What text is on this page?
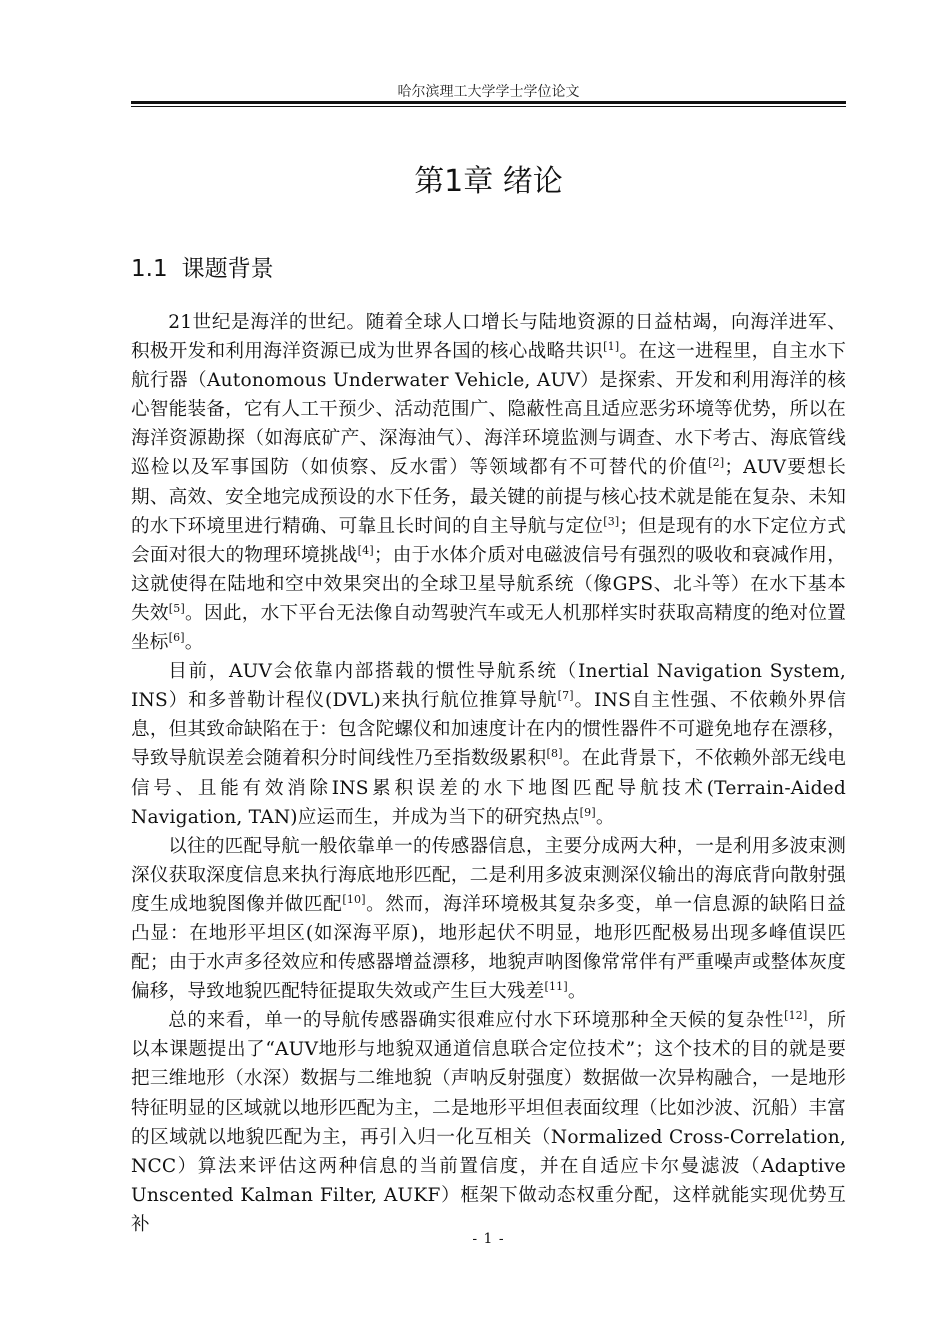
哈尔滨理工大学学士学位论文
第1章 绪论
1.1 课题背景

21世纪是海洋的世纪。随着全球人口增长与陆地资源的日益枯竭，向海洋进军、积极开发和利用海洋资源已成为世界各国的核心战略共识[1]。在这一进程里，自主水下航行器（Autonomous Underwater Vehicle, AUV）是探索、开发和利用海洋的核心智能装备，它有人工干预少、活动范围广、隐蔽性高且适应恶劣环境等优势，所以在海洋资源勘探（如海底矿产、深海油气）、海洋环境监测与调查、水下考古、海底管线巡检以及军事国防（如侦察、反水雷）等领域都有不可替代的价值[2]；AUV要想长期、高效、安全地完成预设的水下任务，最关键的前提与核心技术就是能在复杂、未知的水下环境里进行精确、可靠且长时间的自主导航与定位[3]；但是现有的水下定位方式会面对很大的物理环境挑战[4]；由于水体介质对电磁波信号有强烈的吸收和衰减作用，这就使得在陆地和空中效果突出的全球卫星导航系统（像GPS、北斗等）在水下基本失效[5]。因此，水下平台无法像自动驾驶汽车或无人机那样实时获取高精度的绝对位置坐标[6]。

目前，AUV会依靠内部搭载的惯性导航系统（Inertial Navigation System, INS）和多普勒计程仪(DVL)来执行航位推算导航[7]。INS自主性强、不依赖外界信息，但其致命缺陷在于：包含陀螺仪和加速度计在内的惯性器件不可避免地存在漂移，导致导航误差会随着积分时间线性乃至指数级累积[8]。在此背景下，不依赖外部无线电信号、且能有效消除INS累积误差的水下地图匹配导航技术(Terrain-Aided Navigation, TAN)应运而生，并成为当下的研究热点[9]。

以往的匹配导航一般依靠单一的传感器信息，主要分成两大种，一是利用多波束测深仪获取深度信息来执行海底地形匹配，二是利用多波束测深仪输出的海底背向散射强度生成地貌图像并做匹配[10]。然而，海洋环境极其复杂多变，单一信息源的缺陷日益凸显：在地形平坦区(如深海平原)，地形起伏不明显，地形匹配极易出现多峰值误匹配；由于水声多径效应和传感器增益漂移，地貌声呐图像常常伴有严重噪声或整体灰度偏移，导致地貌匹配特征提取失效或产生巨大残差[11]。

总的来看，单一的导航传感器确实很难应付水下环境那种全天候的复杂性[12]，所以本课题提出了“AUV地形与地貌双通道信息联合定位技术”；这个技术的目的就是要把三维地形（水深）数据与二维地貌（声呐反射强度）数据做一次异构融合，一是地形特征明显的区域就以地形匹配为主，二是地形平坦但表面纹理（比如沙波、沉船）丰富的区域就以地貌匹配为主，再引入归一化互相关（Normalized Cross-Correlation, NCC）算法来评估这两种信息的当前置信度，并在自适应卡尔曼滤波（Adaptive Unscented Kalman Filter, AUKF）框架下做动态权重分配，这样就能实现优势互补

- 1 -
